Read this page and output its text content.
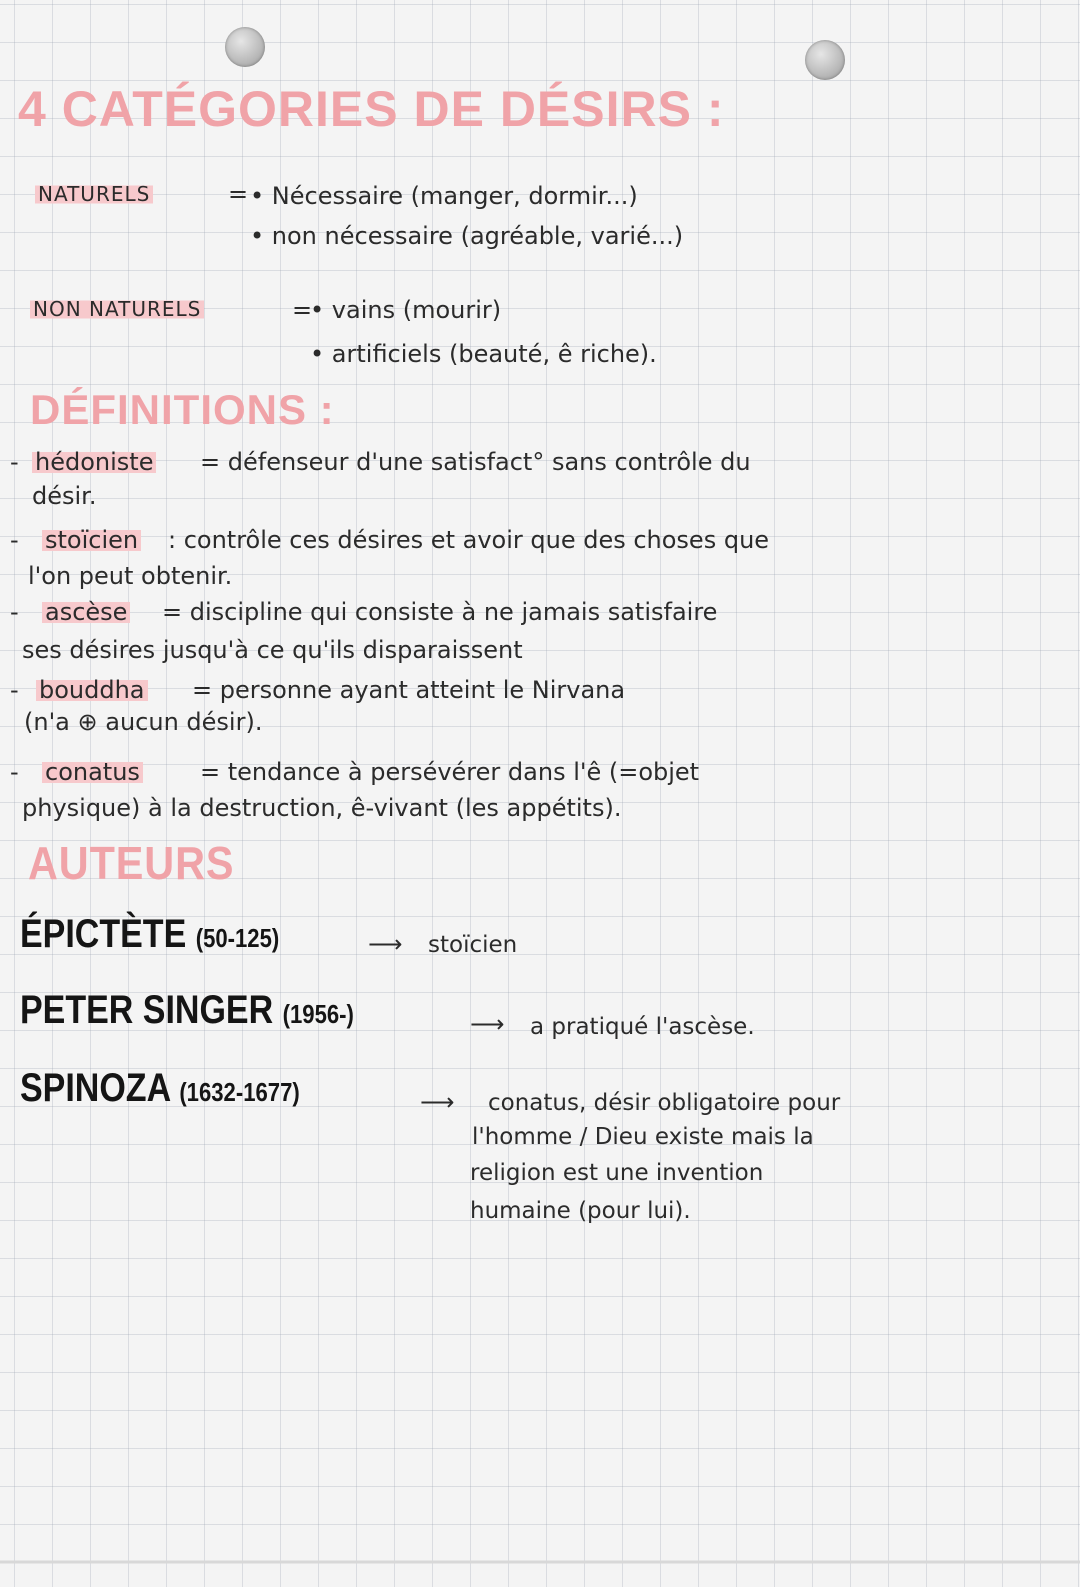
4 CATÉGORIES DE DÉSIRS :
NATURELS	= • Nécessaire (manger, dormir...)
• non nécessaire (agréable, varié...)
NON NATURELS	=
• vains (mourir)
• artificiels (beauté, ê riche).
DÉFINITIONS :
- hédoniste = défenseur d'une satisfact° sans contrôle du
désir.
- stoïcien : contrôle ces désires et avoir que des choses que
l'on peut obtenir.
- ascèse = discipline qui consiste à ne jamais satisfaire
ses désires jusqu'à ce qu'ils disparaissent
- bouddha = personne ayant atteint le Nirvana
(n'a ⊕ aucun désir).
- conatus	= tendance à persévérer dans l'ê (=objet
physique) à la destruction, ê-vivant (les appétits).
AUTEURS
ÉPICTÈTE (50-125)	⟶ stoïcien
PETER SINGER (1956-)	⟶ a pratiqué l'ascèse.
SPINOZA (1632-1677)	⟶ conatus, désir obligatoire pour
l'homme / Dieu existe mais la
religion est une invention
humaine (pour lui).
